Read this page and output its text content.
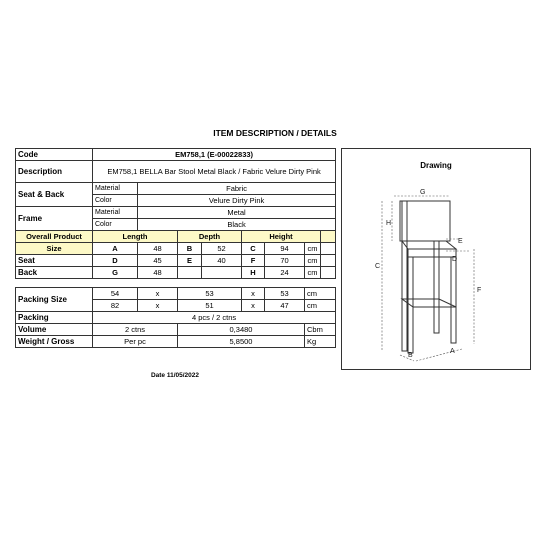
ITEM DESCRIPTION / DETAILS
Code	EM758,1 (E-00022833)							
Description	EM758,1 BELLA Bar Stool Metal Black / Fabric Velure Dirty Pink							
Seat & Back	Material	Fabric						
	Color	Velure Dirty Pink						
Frame	Material	Metal						
	Color	Black						
Overall Product	Length		Depth		Height			
Size	A	48	B	52	C	94	cm	
Seat	D	45	E	40	F	70	cm	
Back	G	48			H	24	cm	

Packing Size	54	x	53		x	53	cm	
	82	x	51		x	47	cm	
Packing	4 pcs / 2 ctns							
Volume	2 ctns		0,3480				Cbm	
Weight / Gross	Per pc		5,8500				Kg	
Date 11/05/2022
Drawing
G
H
C
E
D
F
B
A
